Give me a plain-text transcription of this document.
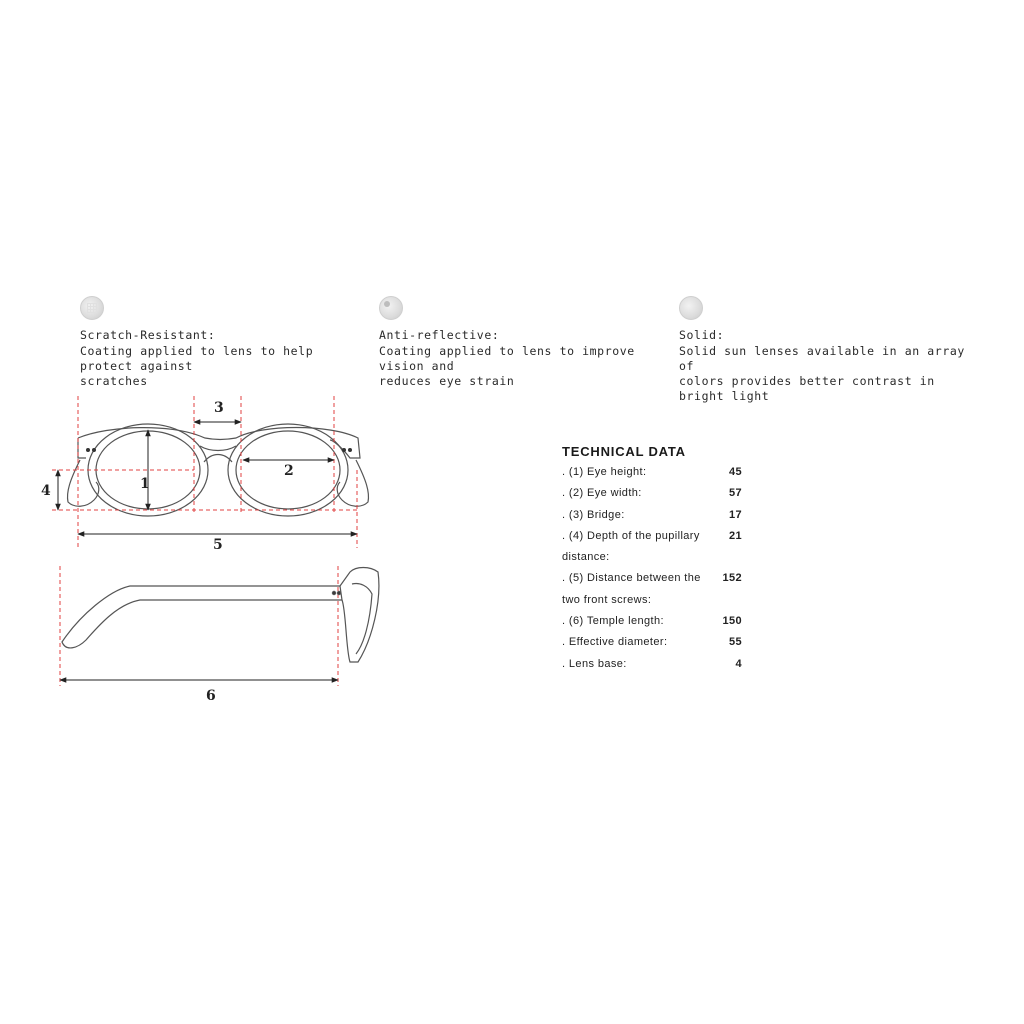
Scratch-Resistant:
Coating applied to lens to help protect against
scratches
Anti-reflective:
Coating applied to lens to improve vision and
reduces eye strain
Solid:
Solid sun lenses available in an array of
colors provides better contrast in bright light
1
2
3
4
5
6
TECHNICAL DATA
. (1) Eye height:	45
. (2) Eye width:	57
. (3) Bridge:	17
. (4) Depth of the pupillary distance:
21
. (5) Distance between the two front screws:
152
. (6) Temple length:	150
. Effective diameter:	55
. Lens base:	4
